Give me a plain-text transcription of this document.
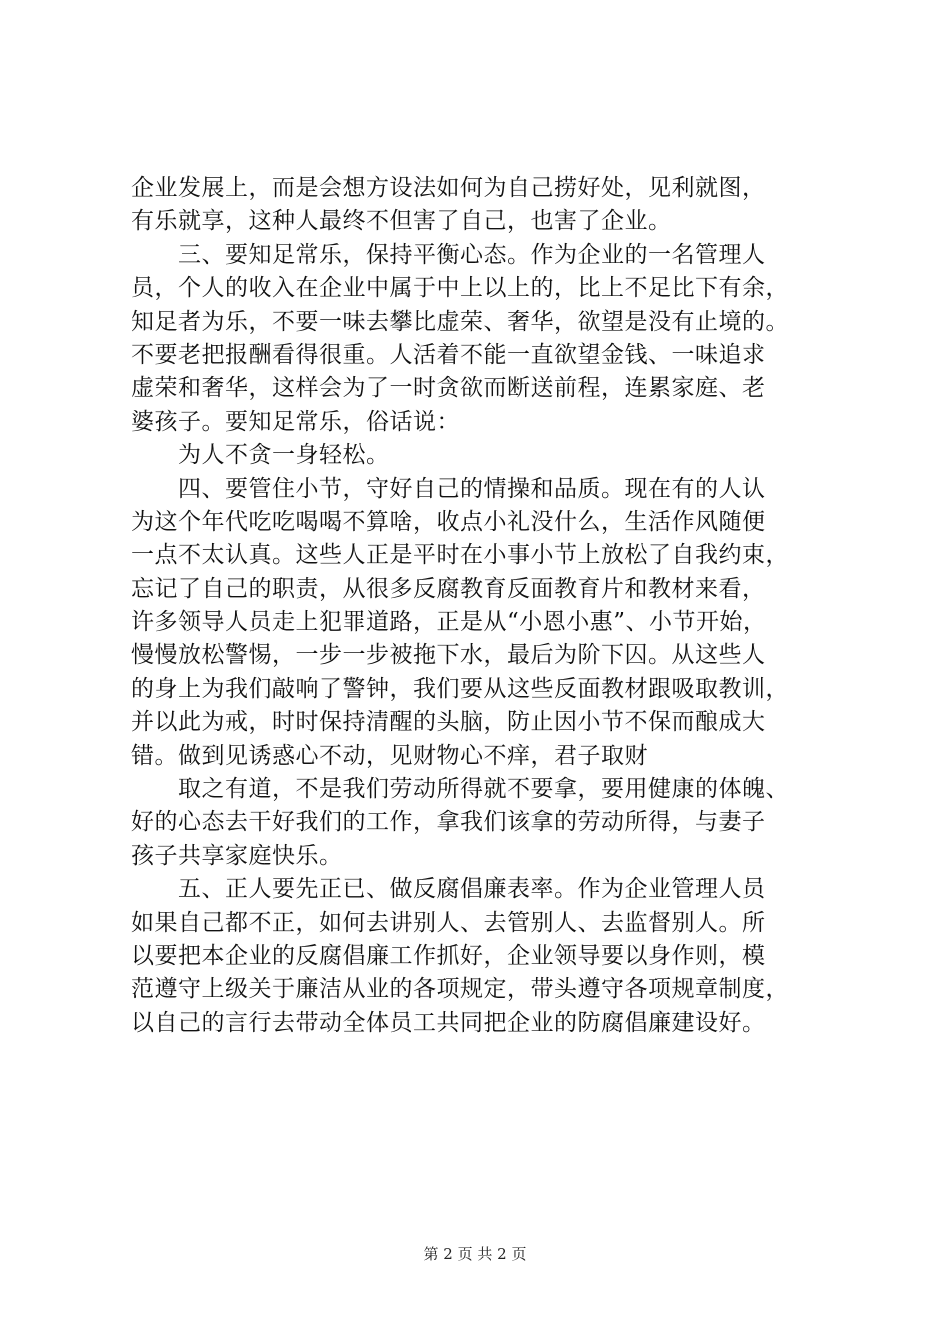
企业发展上，而是会想方设法如何为自己捞好处，见利就图，
有乐就享，这种人最终不但害了自己，也害了企业。
　　三、要知足常乐，保持平衡心态。作为企业的一名管理人
员，个人的收入在企业中属于中上以上的，比上不足比下有余，
知足者为乐，不要一味去攀比虚荣、奢华，欲望是没有止境的。
不要老把报酬看得很重。人活着不能一直欲望金钱、一味追求
虚荣和奢华，这样会为了一时贪欲而断送前程，连累家庭、老
婆孩子。要知足常乐，俗话说：
　　为人不贪一身轻松。
　　四、要管住小节，守好自己的情操和品质。现在有的人认
为这个年代吃吃喝喝不算啥，收点小礼没什么，生活作风随便
一点不太认真。这些人正是平时在小事小节上放松了自我约束，
忘记了自己的职责，从很多反腐教育反面教育片和教材来看，
许多领导人员走上犯罪道路，正是从“小恩小惠”、小节开始，
慢慢放松警惕，一步一步被拖下水，最后为阶下囚。从这些人
的身上为我们敲响了警钟，我们要从这些反面教材跟吸取教训，
并以此为戒，时时保持清醒的头脑，防止因小节不保而酿成大
错。做到见诱惑心不动，见财物心不痒，君子取财
　　取之有道，不是我们劳动所得就不要拿，要用健康的体魄、
好的心态去干好我们的工作，拿我们该拿的劳动所得，与妻子
孩子共享家庭快乐。
　　五、正人要先正已、做反腐倡廉表率。作为企业管理人员
如果自己都不正，如何去讲别人、去管别人、去监督别人。所
以要把本企业的反腐倡廉工作抓好，企业领导要以身作则，模
范遵守上级关于廉洁从业的各项规定，带头遵守各项规章制度，
以自己的言行去带动全体员工共同把企业的防腐倡廉建设好。
第 2 页 共 2 页
